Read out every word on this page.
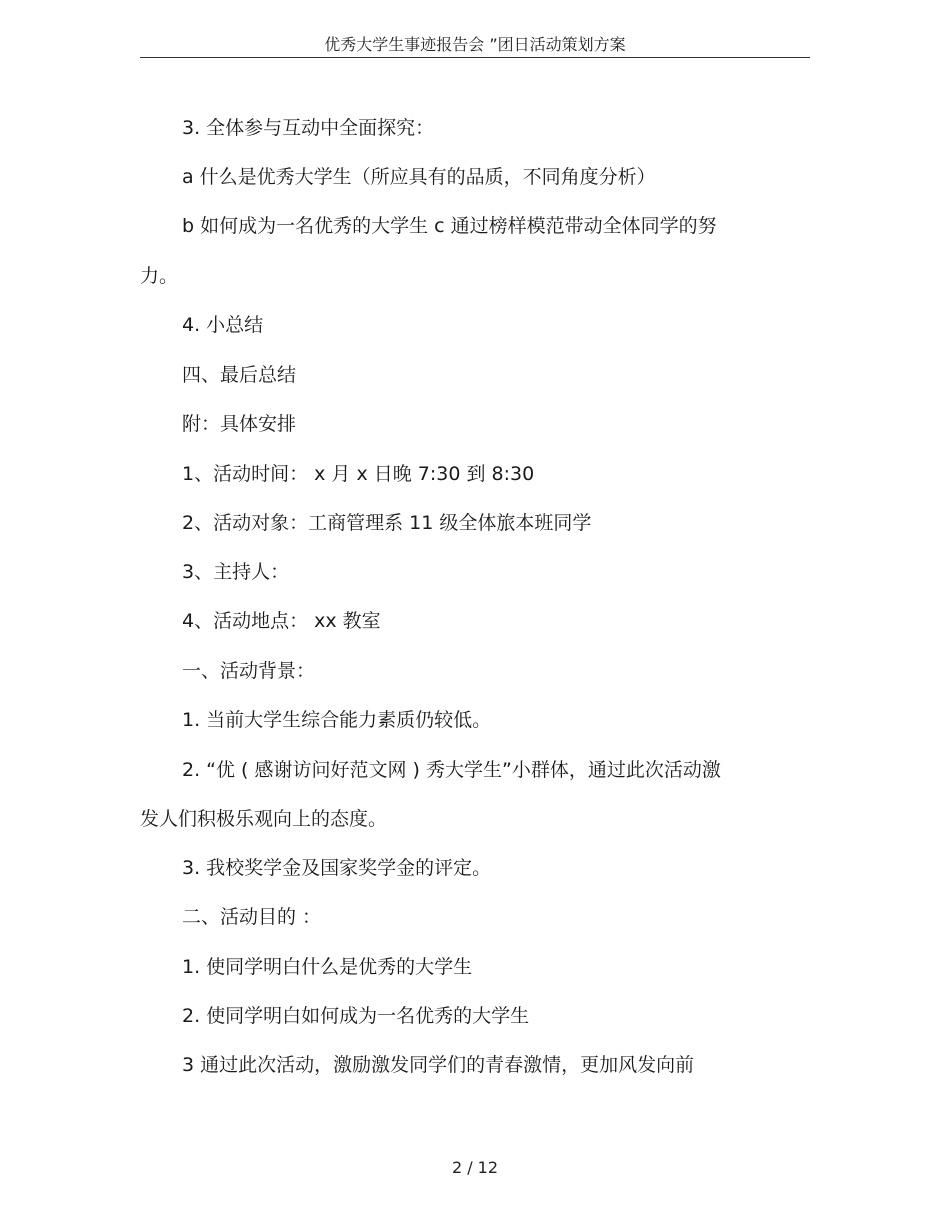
优秀大学生事迹报告会 ”团日活动策划方案
3. 全体参与互动中全面探究：
a 什么是优秀大学生（所应具有的品质，不同角度分析）
b 如何成为一名优秀的大学生 c 通过榜样模范带动全体同学的努
力。
4. 小总结
四、最后总结
附：具体安排
1、活动时间： x 月 x 日晚 7:30 到 8:30
2、活动对象：工商管理系 11 级全体旅本班同学
3、主持人：
4、活动地点： xx 教室
一、活动背景：
1. 当前大学生综合能力素质仍较低。
2. “优 ( 感谢访问好范文网 ) 秀大学生”小群体，通过此次活动激
发人们积极乐观向上的态度。
3. 我校奖学金及国家奖学金的评定。
二、活动目的 ：
1. 使同学明白什么是优秀的大学生
2. 使同学明白如何成为一名优秀的大学生
3 通过此次活动，激励激发同学们的青春激情，更加风发向前
2 / 12
